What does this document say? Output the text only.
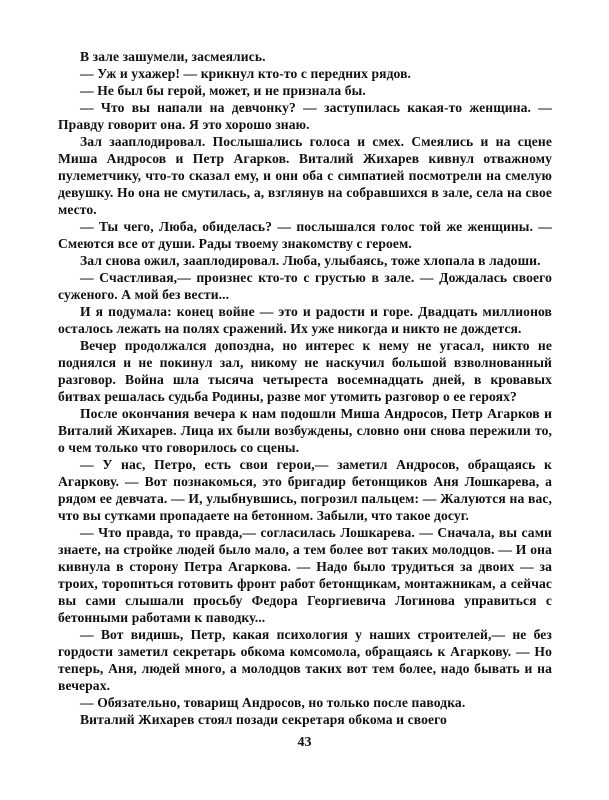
В зале зашумели, засмеялись.

— Уж и ухажер! — крикнул кто-то с передних рядов.

— Не был бы герой, может, и не признала бы.

— Что вы напали на девчонку? — заступилась какая-то женщина. — Правду говорит она. Я это хорошо знаю.

Зал зааплодировал. Послышались голоса и смех. Смеялись и на сцене Миша Андросов и Петр Агарков. Виталий Жихарев кивнул отважному пулеметчику, что-то сказал ему, и они оба с симпатией посмотрели на смелую девушку. Но она не смутилась, а, взглянув на собравшихся в зале, села на свое место.

— Ты чего, Люба, обиделась? — послышался голос той же женщины. — Смеются все от души. Рады твоему знакомству с героем.

Зал снова ожил, зааплодировал. Люба, улыбаясь, тоже хлопала в ладоши.

— Счастливая,— произнес кто-то с грустью в зале. — Дождалась своего суженого. А мой без вести...

И я подумала: конец войне — это и радости и горе. Двадцать миллионов осталось лежать на полях сражений. Их уже никогда и никто не дождется.

Вечер продолжался допоздна, но интерес к нему не угасал, никто не поднялся и не покинул зал, никому не наскучил большой взволнованный разговор. Война шла тысяча четыреста восемнадцать дней, в кровавых битвах решалась судьба Родины, разве мог утомить разговор о ее героях?

После окончания вечера к нам подошли Миша Андросов, Петр Агарков и Виталий Жихарев. Лица их были возбуждены, словно они снова пережили то, о чем только что говорилось со сцены.

— У нас, Петро, есть свои герои,— заметил Андросов, обращаясь к Агаркову. — Вот познакомься, это бригадир бетонщиков Аня Лошкарева, а рядом ее девчата. — И, улыбнувшись, погрозил пальцем: — Жалуются на вас, что вы сутками пропадаете на бетонном. Забыли, что такое досуг.

— Что правда, то правда,— согласилась Лошкарева. — Сначала, вы сами знаете, на стройке людей было мало, а тем более вот таких молодцов. — И она кивнула в сторону Петра Агаркова. — Надо было трудиться за двоих — за троих, торопиться готовить фронт работ бетонщикам, монтажникам, а сейчас вы сами слышали просьбу Федора Георгиевича Логинова управиться с бетонными работами к паводку...

— Вот видишь, Петр, какая психология у наших строителей,— не без гордости заметил секретарь обкома комсомола, обращаясь к Агаркову. — Но теперь, Аня, людей много, а молодцов таких вот тем более, надо бывать и на вечерах.

— Обязательно, товарищ Андросов, но только после паводка.

Виталий Жихарев стоял позади секретаря обкома и своего

43
